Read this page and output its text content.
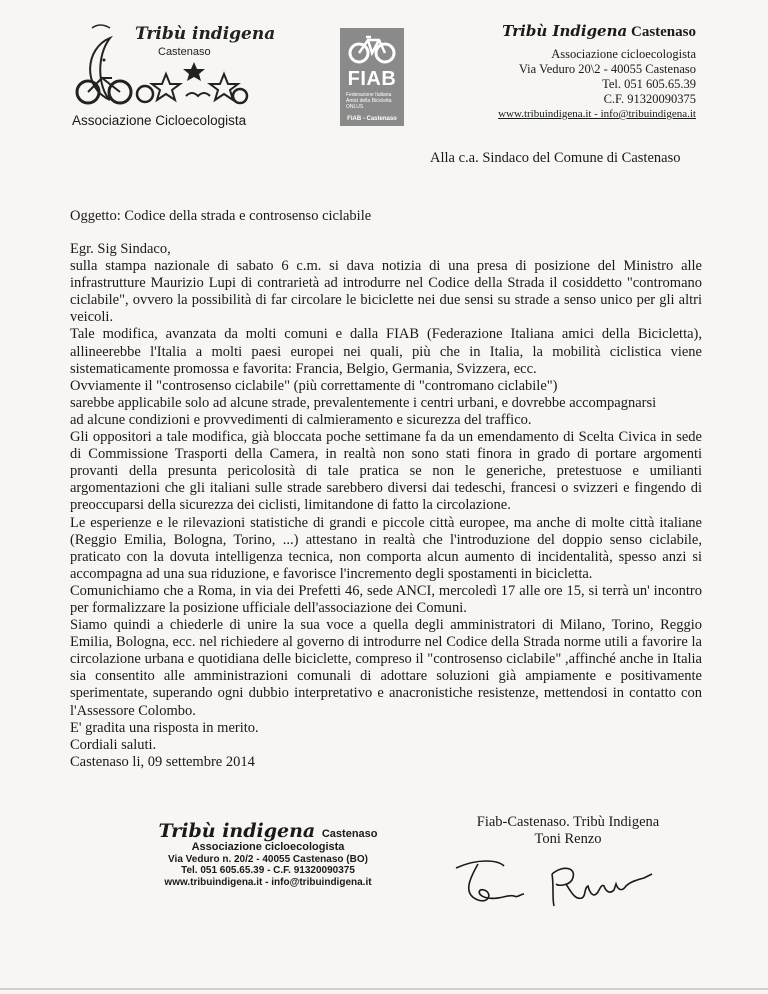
Tribù indigena
Castenaso
Associazione Cicloecologista
FIAB
Federazione Italiana Amici della Bicicletta ONLUS
FIAB - Castenaso
Tribù Indigena Castenaso
Associazione cicloecologista
Via Veduro 20\2 - 40055 Castenaso
Tel. 051 605.65.39
C.F. 91320090375
www.tribuindigena.it - info@tribuindigena.it
Alla c.a. Sindaco del Comune di Castenaso
Oggetto: Codice della strada e controsenso ciclabile

Egr. Sig Sindaco,

sulla stampa nazionale di sabato 6 c.m. si dava notizia di una presa di posizione del Ministro alle infrastrutture Maurizio Lupi di contrarietà ad introdurre nel Codice della Strada il cosiddetto "contromano ciclabile", ovvero la possibilità di far circolare le biciclette nei due sensi su strade a senso unico per gli altri veicoli.

Tale modifica, avanzata da molti comuni e dalla FIAB (Federazione Italiana amici della Bicicletta), allineerebbe l'Italia a molti paesi europei nei quali, più che in Italia, la mobilità ciclistica viene sistematicamente promossa e favorita: Francia, Belgio, Germania, Svizzera, ecc.

Ovviamente il "controsenso ciclabile" (più correttamente di "contromano ciclabile")

sarebbe applicabile solo ad alcune strade, prevalentemente i centri urbani, e dovrebbe accompagnarsi

ad alcune condizioni e provvedimenti di calmieramento e sicurezza del traffico.

Gli oppositori a tale modifica, già bloccata poche settimane fa da un emendamento di Scelta Civica in sede di Commissione Trasporti della Camera, in realtà non sono stati finora in grado di portare argomenti provanti della presunta pericolosità di tale pratica se non le generiche, pretestuose e umilianti argomentazioni che gli italiani sulle strade sarebbero diversi dai tedeschi, francesi o svizzeri e fingendo di preoccuparsi della sicurezza dei ciclisti, limitandone di fatto la circolazione.

Le esperienze e le rilevazioni statistiche di grandi e piccole città europee, ma anche di molte città italiane (Reggio Emilia, Bologna, Torino, ...) attestano in realtà che l'introduzione del doppio senso ciclabile, praticato con la dovuta intelligenza tecnica, non comporta alcun aumento di incidentalità, spesso anzi si accompagna ad una sua riduzione, e favorisce l'incremento degli spostamenti in bicicletta.

Comunichiamo che a Roma, in via dei Prefetti 46, sede ANCI, mercoledì 17 alle ore 15, si terrà un' incontro per formalizzare la posizione ufficiale dell'associazione dei Comuni.

Siamo quindi a chiederle di unire la sua voce a quella degli amministratori di Milano, Torino, Reggio Emilia, Bologna, ecc. nel richiedere al governo di introdurre nel Codice della Strada norme utili a favorire la circolazione urbana e quotidiana delle biciclette, compreso il "controsenso ciclabile" ,affinché anche in Italia sia consentito alle amministrazioni comunali di adottare soluzioni già ampiamente e positivamente sperimentate, superando ogni dubbio interpretativo e anacronistiche resistenze, mettendosi in contatto con l'Assessore Colombo.

E' gradita una risposta in merito.

Cordiali saluti.

Castenaso li, 09 settembre 2014

Tribù indigena Castenaso
Associazione cicloecologista
Via Veduro n. 20/2 - 40055 Castenaso (BO)
Tel. 051 605.65.39 - C.F. 91320090375
www.tribuindigena.it - info@tribuindigena.it
Fiab-Castenaso. Tribù Indigena
Toni Renzo
